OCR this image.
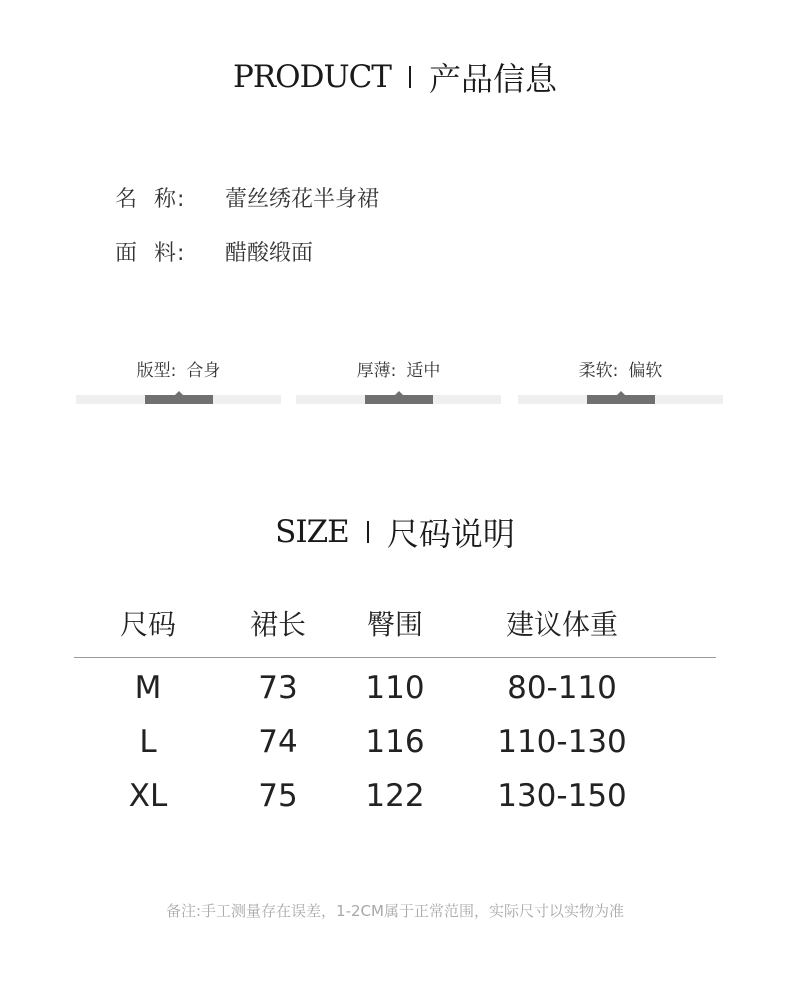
PRODUCT 产品信息
名  称:	蕾丝绣花半身裙
面  料:	醋酸缎面
版型: 合身	厚薄: 适中	柔软: 偏软
SIZE 尺码说明
尺码	裙长	臀围	建议体重
M	73	110	80-110
L	74	116	110-130
XL	75	122	130-150
备注:手工测量存在误差，1-2CM属于正常范围，实际尺寸以实物为准
